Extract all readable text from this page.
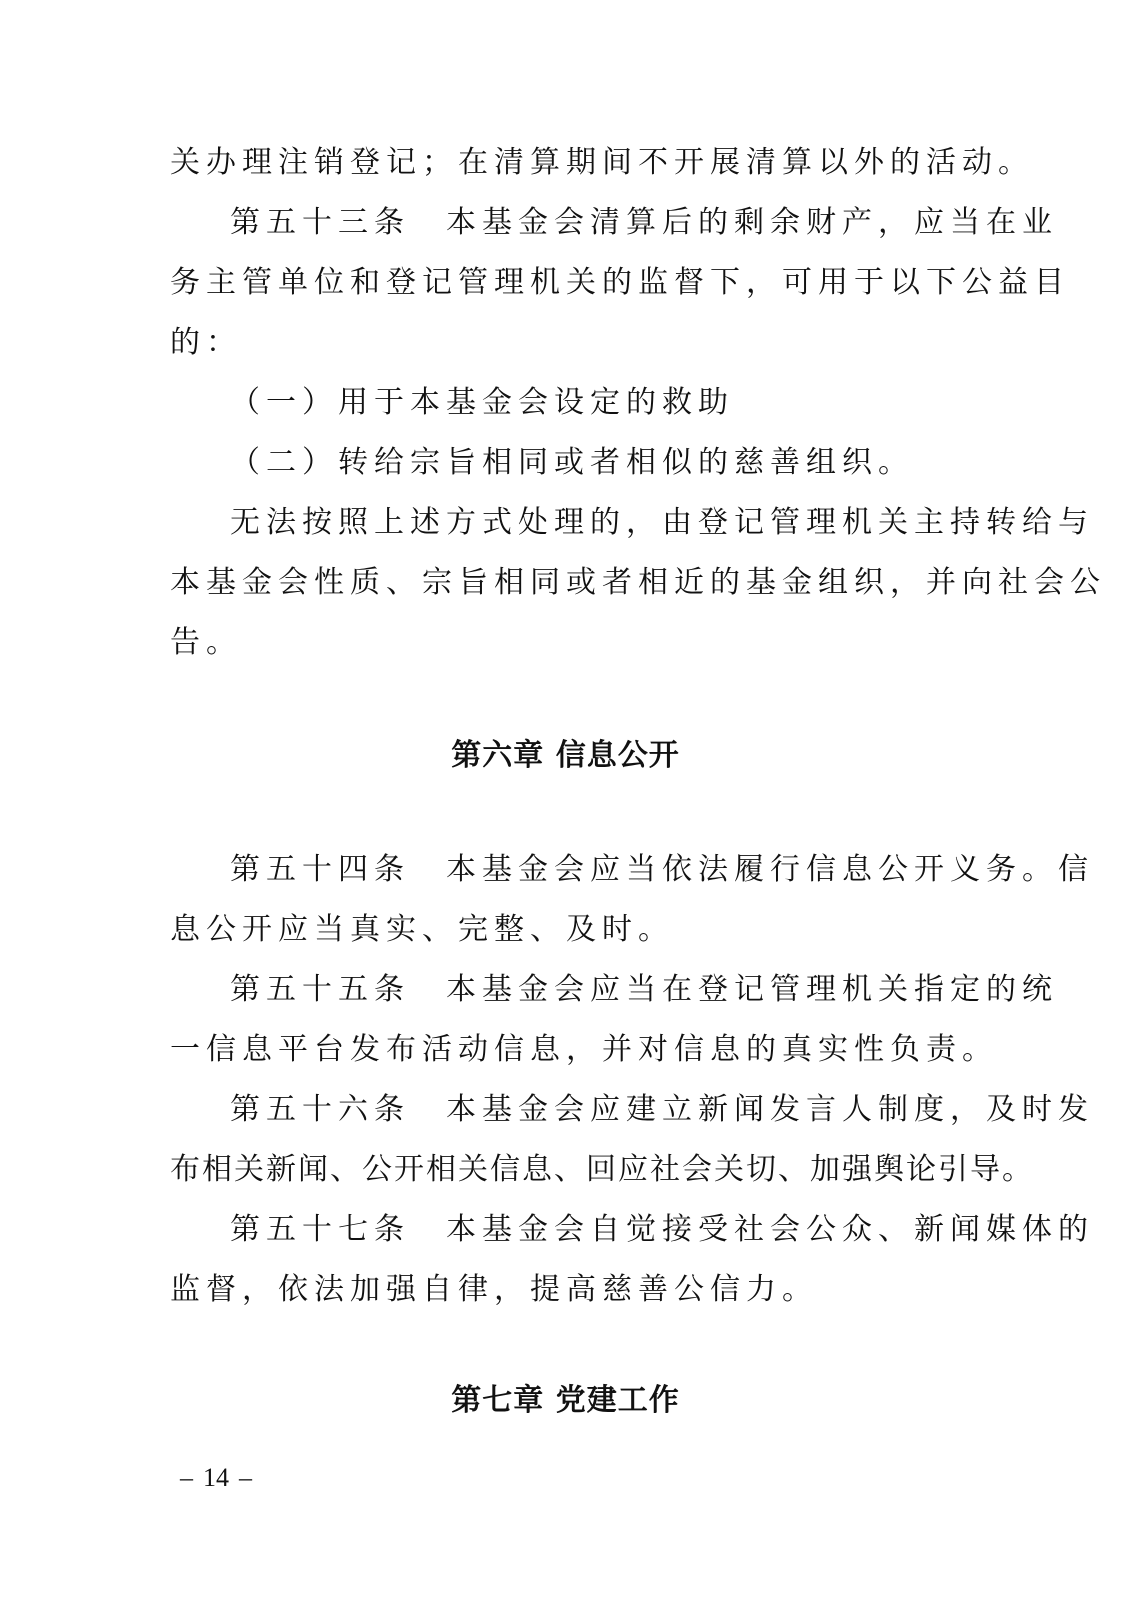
关办理注销登记；在清算期间不开展清算以外的活动。
第五十三条　本基金会清算后的剩余财产，应当在业
务主管单位和登记管理机关的监督下，可用于以下公益目
的：
（一）用于本基金会设定的救助
（二）转给宗旨相同或者相似的慈善组织。
无法按照上述方式处理的，由登记管理机关主持转给与
本基金会性质、宗旨相同或者相近的基金组织，并向社会公
告。
第六章 信息公开
第五十四条　本基金会应当依法履行信息公开义务。信
息公开应当真实、完整、及时。
第五十五条　本基金会应当在登记管理机关指定的统
一信息平台发布活动信息，并对信息的真实性负责。
第五十六条　本基金会应建立新闻发言人制度，及时发
布相关新闻、公开相关信息、回应社会关切、加强舆论引导。
第五十七条　本基金会自觉接受社会公众、新闻媒体的
监督，依法加强自律，提高慈善公信力。
第七章 党建工作
– 14 –
